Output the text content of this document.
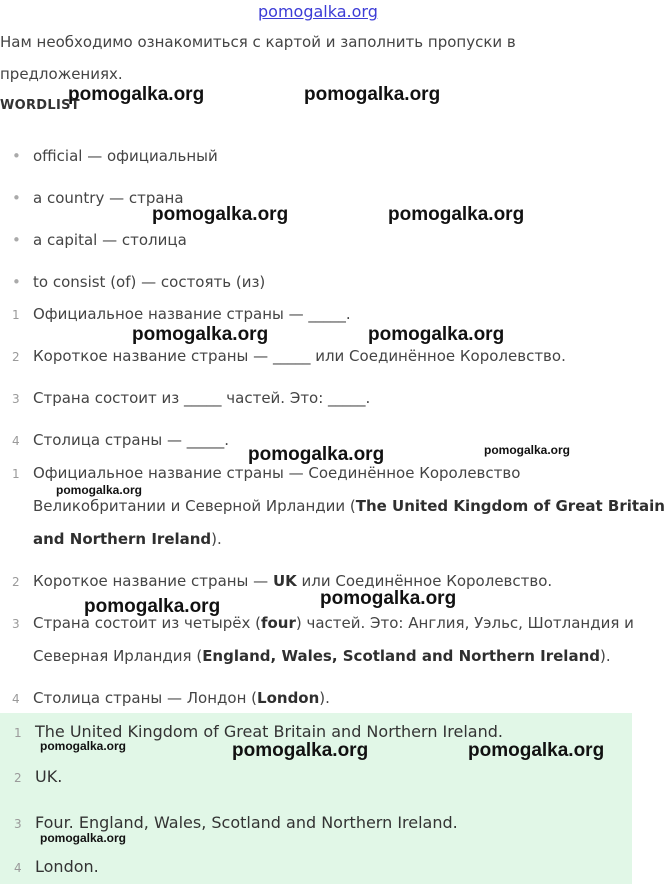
pomogalka.org
Нам необходимо ознакомиться с картой и заполнить пропуски в
предложениях.
WORDLIST
• official — официальный
• a country — страна
• a capital — столица
• to consist (of) — состоять (из)
1 Официальное название страны — _____.
2 Короткое название страны — _____ или Соединённое Королевство.
3 Страна состоит из _____ частей. Это: _____.
4 Столица страны — _____.
1 Официальное название страны — Соединённое Королевство
Великобритании и Северной Ирландии (The United Kingdom of Great Britain
and Northern Ireland).
2 Короткое название страны — UK или Соединённое Королевство.
3 Страна состоит из четырёх (four) частей. Это: Англия, Уэльс, Шотландия и
Северная Ирландия (England, Wales, Scotland and Northern Ireland).
4 Столица страны — Лондон (London).
1 The United Kingdom of Great Britain and Northern Ireland.
2 UK.
3 Four. England, Wales, Scotland and Northern Ireland.
4 London.
pomogalka.org	pomogalka.org
pomogalka.org	pomogalka.org
pomogalka.org	pomogalka.org
pomogalka.org	pomogalka.org
pomogalka.org
pomogalka.org	pomogalka.org
pomogalka.org	pomogalka.org	pomogalka.org
pomogalka.org
